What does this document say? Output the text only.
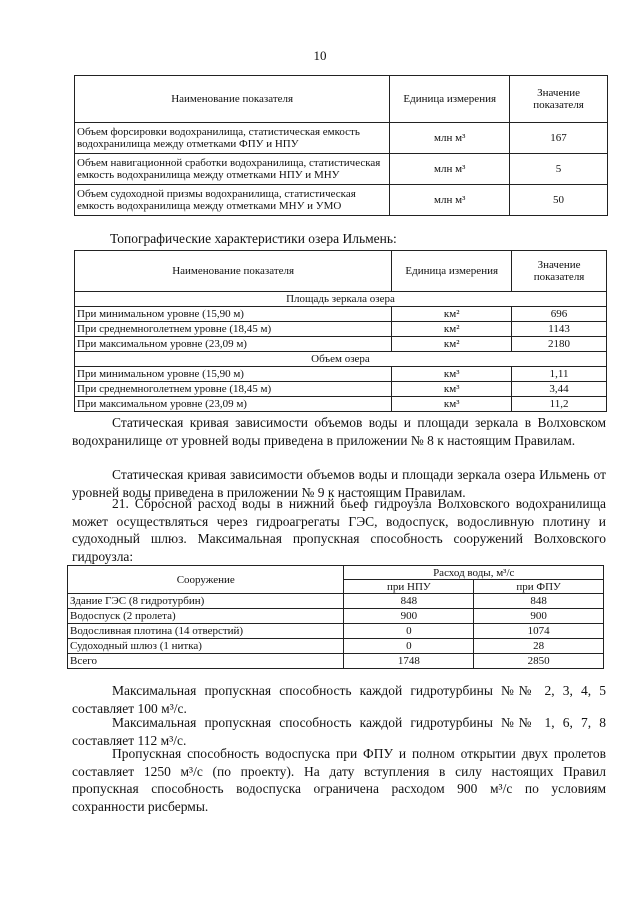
10
Наименование показателя	Единица измерения	Значение показателя
Объем форсировки водохранилища, статистическая емкость водохранилища между отметками ФПУ и НПУ	млн м³	167
Объем навигационной сработки водохранилища, статистическая емкость водохранилища между отметками НПУ и МНУ	млн м³	5
Объем судоходной призмы водохранилища, статистическая емкость водохранилища между отметками МНУ и УМО	млн м³	50
Топографические характеристики озера Ильмень:
Наименование показателя	Единица измерения	Значение показателя
Площадь зеркала озера		
При минимальном уровне (15,90 м)	км²	696
При среднемноголетнем уровне (18,45 м)	км²	1143
При максимальном уровне (23,09 м)	км²	2180
Объем озера		
При минимальном уровне (15,90 м)	км³	1,11
При среднемноголетнем уровне (18,45 м)	км³	3,44
При максимальном уровне (23,09 м)	км³	11,2
Статическая кривая зависимости объемов воды и площади зеркала в Волховском водохранилище от уровней воды приведена в приложении № 8 к настоящим Правилам.
Статическая кривая зависимости объемов воды и площади зеркала озера Ильмень от уровней воды приведена в приложении № 9 к настоящим Правилам.
21. Сбросной расход воды в нижний бьеф гидроузла Волховского водохранилища может осуществляться через гидроагрегаты ГЭС, водоспуск, водосливную плотину и судоходный шлюз. Максимальная пропускная способность сооружений Волховского гидроузла:
Сооружение	Расход воды, м³/с	
	при НПУ	при ФПУ
Здание ГЭС (8 гидротурбин)	848	848
Водоспуск (2 пролета)	900	900
Водосливная плотина (14 отверстий)	0	1074
Судоходный шлюз (1 нитка)	0	28
Всего	1748	2850
Максимальная пропускная способность каждой гидротурбины №№ 2, 3, 4, 5 составляет 100 м³/с.
Максимальная пропускная способность каждой гидротурбины №№ 1, 6, 7, 8 составляет 112 м³/с.
Пропускная способность водоспуска при ФПУ и полном открытии двух пролетов составляет 1250 м³/с (по проекту). На дату вступления в силу настоящих Правил пропускная способность водоспуска ограничена расходом 900 м³/с по условиям сохранности рисбермы.
